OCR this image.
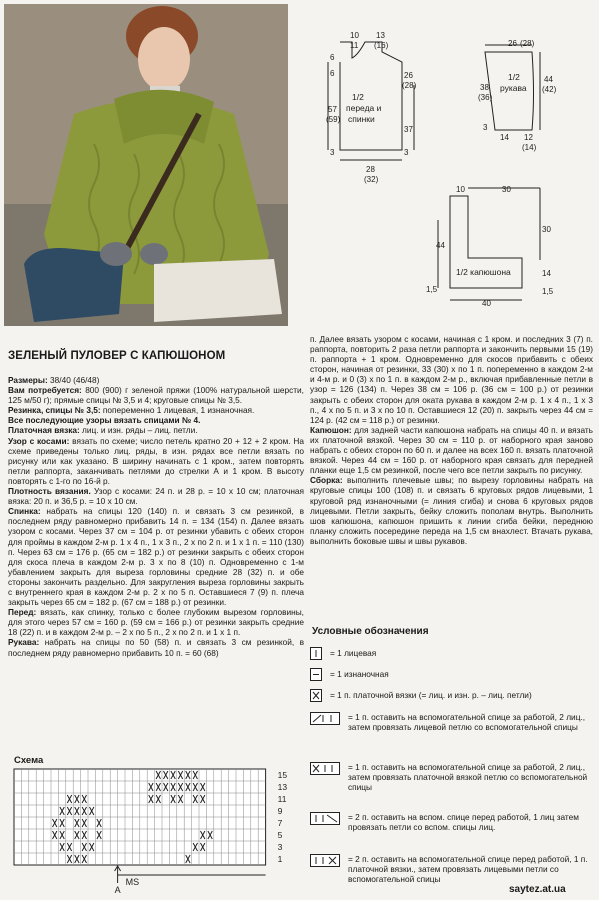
10
11
13
(16)
6
6	26
(28)
57
(59)
37
3	3
28
(32)
1/2
переда и
спинки
26 (28)
38
(36)
44
(42)
3
14 12
(14)
1/2
рукава
10	30
30
44
14
1,5	1,5
40
1/2 капюшона
ЗЕЛЕНЫЙ ПУЛОВЕР С КАПЮШОНОМ

Размеры: 38/40 (46/48)

Вам потребуется: 800 (900) г зеленой пряжи (100% натуральной шерсти, 125 м/50 г); прямые спицы № 3,5 и 4; круговые спицы № 3,5.

Резинка, спицы № 3,5: попеременно 1 лицевая, 1 изнаночная.

Все последующие узоры вязать спицами № 4.

Платочная вязка: лиц. и изн. ряды – лиц. петли.

Узор с косами: вязать по схеме; число петель кратно 20 + 12 + 2 кром. На схеме приведены только лиц. ряды, в изн. рядах все петли вязать по рисунку или как указано. В ширину начинать с 1 кром., затем повторять петли раппорта, заканчивать петлями до стрелки А и 1 кром. В высоту повторять с 1-го по 16-й р.

Плотность вязания. Узор с косами: 24 п. и 28 р. = 10 х 10 см; платочная вязка: 20 п. и 36,5 р. = 10 х 10 см.

Спинка: набрать на спицы 120 (140) п. и связать 3 см резинкой, в последнем ряду равномерно прибавить 14 п. = 134 (154) п. Далее вязать узором с косами. Через 37 см = 104 р. от резинки убавить с обеих сторон для проймы в каждом 2-м р. 1 х 4 п., 1 х 3 п., 2 х по 2 п. и 1 х 1 п. = 110 (130) п. Через 63 см = 176 р. (65 см = 182 р.) от резинки закрыть с обеих сторон для скоса плеча в каждом 2-м р. 3 х по 8 (10) п. Одновременно с 1-м убавлением закрыть для выреза горловины средние 28 (32) п. и обе стороны закончить раздельно. Для закругления выреза горловины закрыть с внутреннего края в каждом 2-м р. 2 х по 5 п. Оставшиеся 7 (9) п. плеча закрыть через 65 см = 182 р. (67 см = 188 р.) от резинки.

Перед: вязать, как спинку, только с более глубоким вырезом горловины, для этого через 57 см = 160 р. (59 см = 166 р.) от резинки закрыть средние 18 (22) п. и в каждом 2-м р. – 2 х по 5 п., 2 х по 2 п. и 1 х 1 п.

Рукава: набрать на спицы по 50 (58) п. и связать 3 см резинкой, в последнем ряду равномерно прибавить 10 п. = 60 (68)

п. Далее вязать узором с косами, начиная с 1 кром. и последних 3 (7) п. раппорта, повторить 2 раза петли раппорта и закончить первыми 15 (19) п. раппорта + 1 кром. Одновременно для скосов прибавить с обеих сторон, начиная от резинки, 33 (30) х по 1 п. попеременно в каждом 2-м и 4-м р. и 0 (3) х по 1 п. в каждом 2-м р., включая прибавленные петли в узор = 126 (134) п. Через 38 см = 106 р. (36 см = 100 р.) от резинки закрыть с обеих сторон для оката рукава в каждом 2-м р. 1 х 4 п., 1 х 3 п., 4 х по 5 п. и 3 х по 10 п. Оставшиеся 12 (20) п. закрыть через 44 см = 124 р. (42 см = 118 р.) от резинки.

Капюшон: для задней части капюшона набрать на спицы 40 п. и вязать их платочной вязкой. Через 30 см = 110 р. от наборного края заново набрать с обеих сторон по 60 п. и далее на всех 160 п. вязать платочной вязкой. Через 44 см = 160 р. от наборного края связать для передней планки еще 1,5 см резинкой, после чего все петли закрыть по рисунку.

Сборка: выполнить плечевые швы; по вырезу горловины набрать на круговые спицы 100 (108) п. и связать 6 круговых рядов лицевыми, 1 круговой ряд изнаночными (= линия сгиба) и снова 6 круговых рядов лицевыми. Петли закрыть, бейку сложить пополам внутрь. Выполнить шов капюшона, капюшон пришить к линии сгиба бейки, переднюю планку сложить посередине переда на 1,5 см внахлест. Втачать рукава, выполнить боковые швы и швы рукавов.

Условные обозначения
= 1 лицевая
= 1 изнаночная
= 1 п. платочной вязки (= лиц. и изн. р. – лиц. петли)
= 1 п. оставить на вспомогательной спице за работой, 2 лиц., затем провязать лицевой петлю со вспомогательной спицы
= 1 п. оставить на вспомогательной спице за работой, 2 лиц., затем провязать платочной вязкой петлю со вспомогательной спицы
= 2 п. оставить на вспом. спице перед работой, 1 лиц затем провязать петли со вспом. спицы лиц.
= 2 п. оставить на вспомогательной спице перед работой, 1 п. платочной вязки., затем провязать лицевыми петли со вспомогательной спицы
Схема
15
13
11
9
7
5
3
1
A
MS
saytez.at.ua
